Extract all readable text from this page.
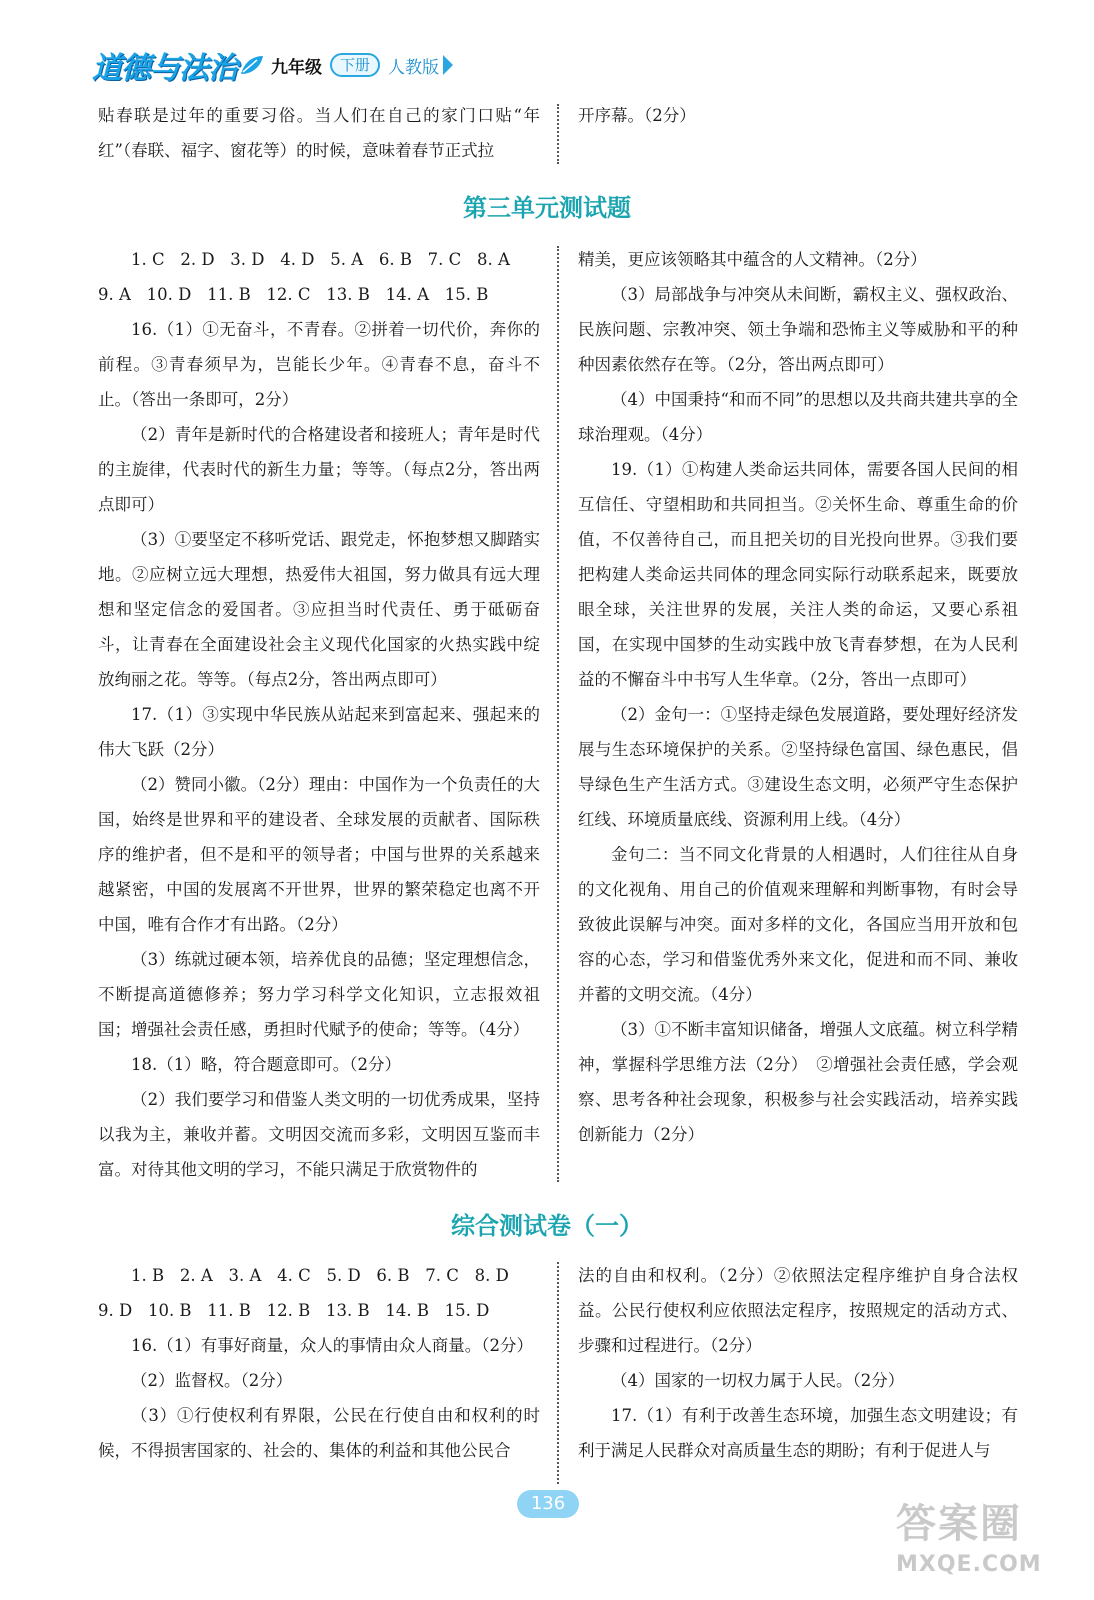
道德与法治 九年级	下册	人教版

贴春联是过年的重要习俗。当人们在自己的家门口贴“年红”（春联、福字、窗花等）的时候，意味着春节正式拉

开序幕。（2分）

第三单元测试题

1. C   2. D   3. D   4. D   5. A   6. B   7. C   8. A

9. A   10. D   11. B   12. C   13. B   14. A   15. B

16.（1）①无奋斗，不青春。②拼着一切代价，奔你的前程。③青春须早为，岂能长少年。④青春不息，奋斗不止。（答出一条即可，2分）

（2）青年是新时代的合格建设者和接班人；青年是时代的主旋律，代表时代的新生力量；等等。（每点2分，答出两点即可）

（3）①要坚定不移听党话、跟党走，怀抱梦想又脚踏实地。②应树立远大理想，热爱伟大祖国，努力做具有远大理想和坚定信念的爱国者。③应担当时代责任、勇于砥砺奋斗，让青春在全面建设社会主义现代化国家的火热实践中绽放绚丽之花。等等。（每点2分，答出两点即可）

17.（1）③实现中华民族从站起来到富起来、强起来的伟大飞跃（2分）

（2）赞同小徽。（2分）理由：中国作为一个负责任的大国，始终是世界和平的建设者、全球发展的贡献者、国际秩序的维护者，但不是和平的领导者；中国与世界的关系越来越紧密，中国的发展离不开世界，世界的繁荣稳定也离不开中国，唯有合作才有出路。（2分）

（3）练就过硬本领，培养优良的品德；坚定理想信念，不断提高道德修养；努力学习科学文化知识，立志报效祖国；增强社会责任感，勇担时代赋予的使命；等等。（4分）

18.（1）略，符合题意即可。（2分）

（2）我们要学习和借鉴人类文明的一切优秀成果，坚持以我为主，兼收并蓄。文明因交流而多彩，文明因互鉴而丰富。对待其他文明的学习，不能只满足于欣赏物件的

精美，更应该领略其中蕴含的人文精神。（2分）

（3）局部战争与冲突从未间断，霸权主义、强权政治、民族问题、宗教冲突、领土争端和恐怖主义等威胁和平的种种因素依然存在等。（2分，答出两点即可）

（4）中国秉持“和而不同”的思想以及共商共建共享的全球治理观。（4分）

19.（1）①构建人类命运共同体，需要各国人民间的相互信任、守望相助和共同担当。②关怀生命、尊重生命的价值，不仅善待自己，而且把关切的目光投向世界。③我们要把构建人类命运共同体的理念同实际行动联系起来，既要放眼全球，关注世界的发展，关注人类的命运，又要心系祖国，在实现中国梦的生动实践中放飞青春梦想，在为人民利益的不懈奋斗中书写人生华章。（2分，答出一点即可）

（2）金句一：①坚持走绿色发展道路，要处理好经济发展与生态环境保护的关系。②坚持绿色富国、绿色惠民，倡导绿色生产生活方式。③建设生态文明，必须严守生态保护红线、环境质量底线、资源利用上线。（4分）

金句二：当不同文化背景的人相遇时，人们往往从自身的文化视角、用自己的价值观来理解和判断事物，有时会导致彼此误解与冲突。面对多样的文化，各国应当用开放和包容的心态，学习和借鉴优秀外来文化，促进和而不同、兼收并蓄的文明交流。（4分）

（3）①不断丰富知识储备，增强人文底蕴。树立科学精神，掌握科学思维方法（2分）　②增强社会责任感，学会观察、思考各种社会现象，积极参与社会实践活动，培养实践创新能力（2分）

综合测试卷（一）

1. B   2. A   3. A   4. C   5. D   6. B   7. C   8. D

9. D   10. B   11. B   12. B   13. B   14. B   15. D

16.（1）有事好商量，众人的事情由众人商量。（2分）

（2）监督权。（2分）

（3）①行使权利有界限，公民在行使自由和权利的时候，不得损害国家的、社会的、集体的利益和其他公民合

法的自由和权利。（2分）②依照法定程序维护自身合法权益。公民行使权利应依照法定程序，按照规定的活动方式、步骤和过程进行。（2分）

（4）国家的一切权力属于人民。（2分）

17.（1）有利于改善生态环境，加强生态文明建设；有利于满足人民群众对高质量生态的期盼；有利于促进人与

136	答案圈
MXQE.COM
